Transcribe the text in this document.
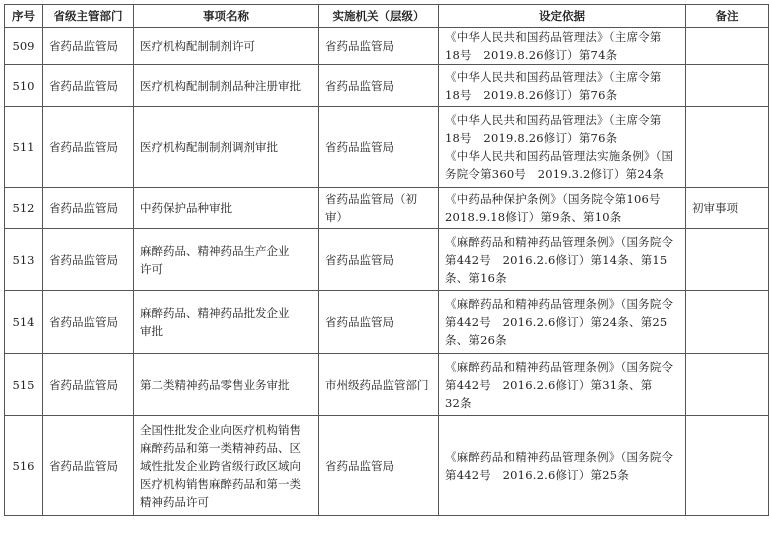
序号	省级主管部门	事项名称	实施机关（层级）	设定依据	备注
509	省药品监管局	医疗机构配制制剂许可	省药品监管局	《中华人民共和国药品管理法》（主席令第
18号　2019.8.26修订）第74条	

510	省药品监管局	医疗机构配制制剂品种注册审批	省药品监管局	《中华人民共和国药品管理法》（主席令第
18号　2019.8.26修订）第76条	

511	省药品监管局	医疗机构配制制剂调剂审批	省药品监管局	《中华人民共和国药品管理法》（主席令第
18号　2019.8.26修订）第76条
《中华人民共和国药品管理法实施条例》（国
务院令第360号　2019.3.2修订）第24条	

512	省药品监管局	中药保护品种审批	省药品监管局（初审）	《中药品种保护条例》（国务院令第106号
2018.9.18修订）第9条、第10条	初审事项
513	省药品监管局	麻醉药品、精神药品生产企业
许可	省药品监管局	《麻醉药品和精神药品管理条例》（国务院令
第442号　2016.2.6修订）第14条、第15
条、第16条	

514	省药品监管局	麻醉药品、精神药品批发企业
审批	省药品监管局	《麻醉药品和精神药品管理条例》（国务院令
第442号　2016.2.6修订）第24条、第25
条、第26条	

515	省药品监管局	第二类精神药品零售业务审批	市州级药品监管部门	《麻醉药品和精神药品管理条例》（国务院令
第442号　2016.2.6修订）第31条、第
32条	

516	省药品监管局	全国性批发企业向医疗机构销售
麻醉药品和第一类精神药品、区
域性批发企业跨省级行政区域向
医疗机构销售麻醉药品和第一类
精神药品许可	省药品监管局	《麻醉药品和精神药品管理条例》（国务院令
第442号　2016.2.6修订）第25条	
